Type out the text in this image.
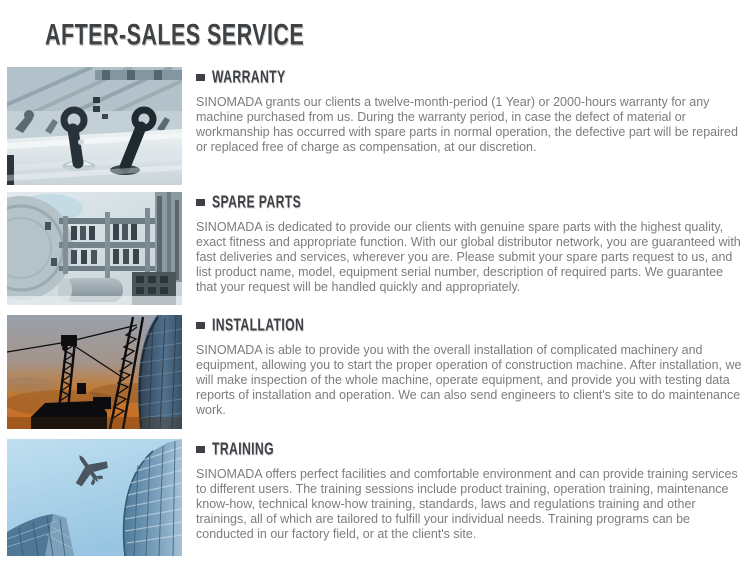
AFTER-SALES SERVICE
WARRANTY

SINOMADA grants our clients a twelve-month-period (1 Year) or 2000-hours warranty for any machine purchased from us. During the warranty period, in case the defect of material or workmanship has occurred with spare parts in normal operation, the defective part will be repaired or replaced free of charge as compensation, at our discretion.

SPARE PARTS

SINOMADA is dedicated to provide our clients with genuine spare parts with the highest quality, exact fitness and appropriate function. With our global distributor network, you are guaranteed with fast deliveries and services, wherever you are. Please submit your spare parts request to us, and list product name, model, equipment serial number, description of required parts. We guarantee that your request will be handled quickly and appropriately.

INSTALLATION

SINOMADA is able to provide you with the overall installation of complicated machinery and equipment, allowing you to start the proper operation of construction machine. After installation, we will make inspection of the whole machine, operate equipment, and provide you with testing data reports of installation and operation. We can also send engineers to client's site to do maintenance work.

TRAINING

SINOMADA offers perfect facilities and comfortable environment and can provide training services to different users. The training sessions include product training, operation training, maintenance know-how, technical know-how training, standards, laws and regulations training and other trainings, all of which are tailored to fulfill your individual needs. Training programs can be conducted in our factory field, or at the client's site.
